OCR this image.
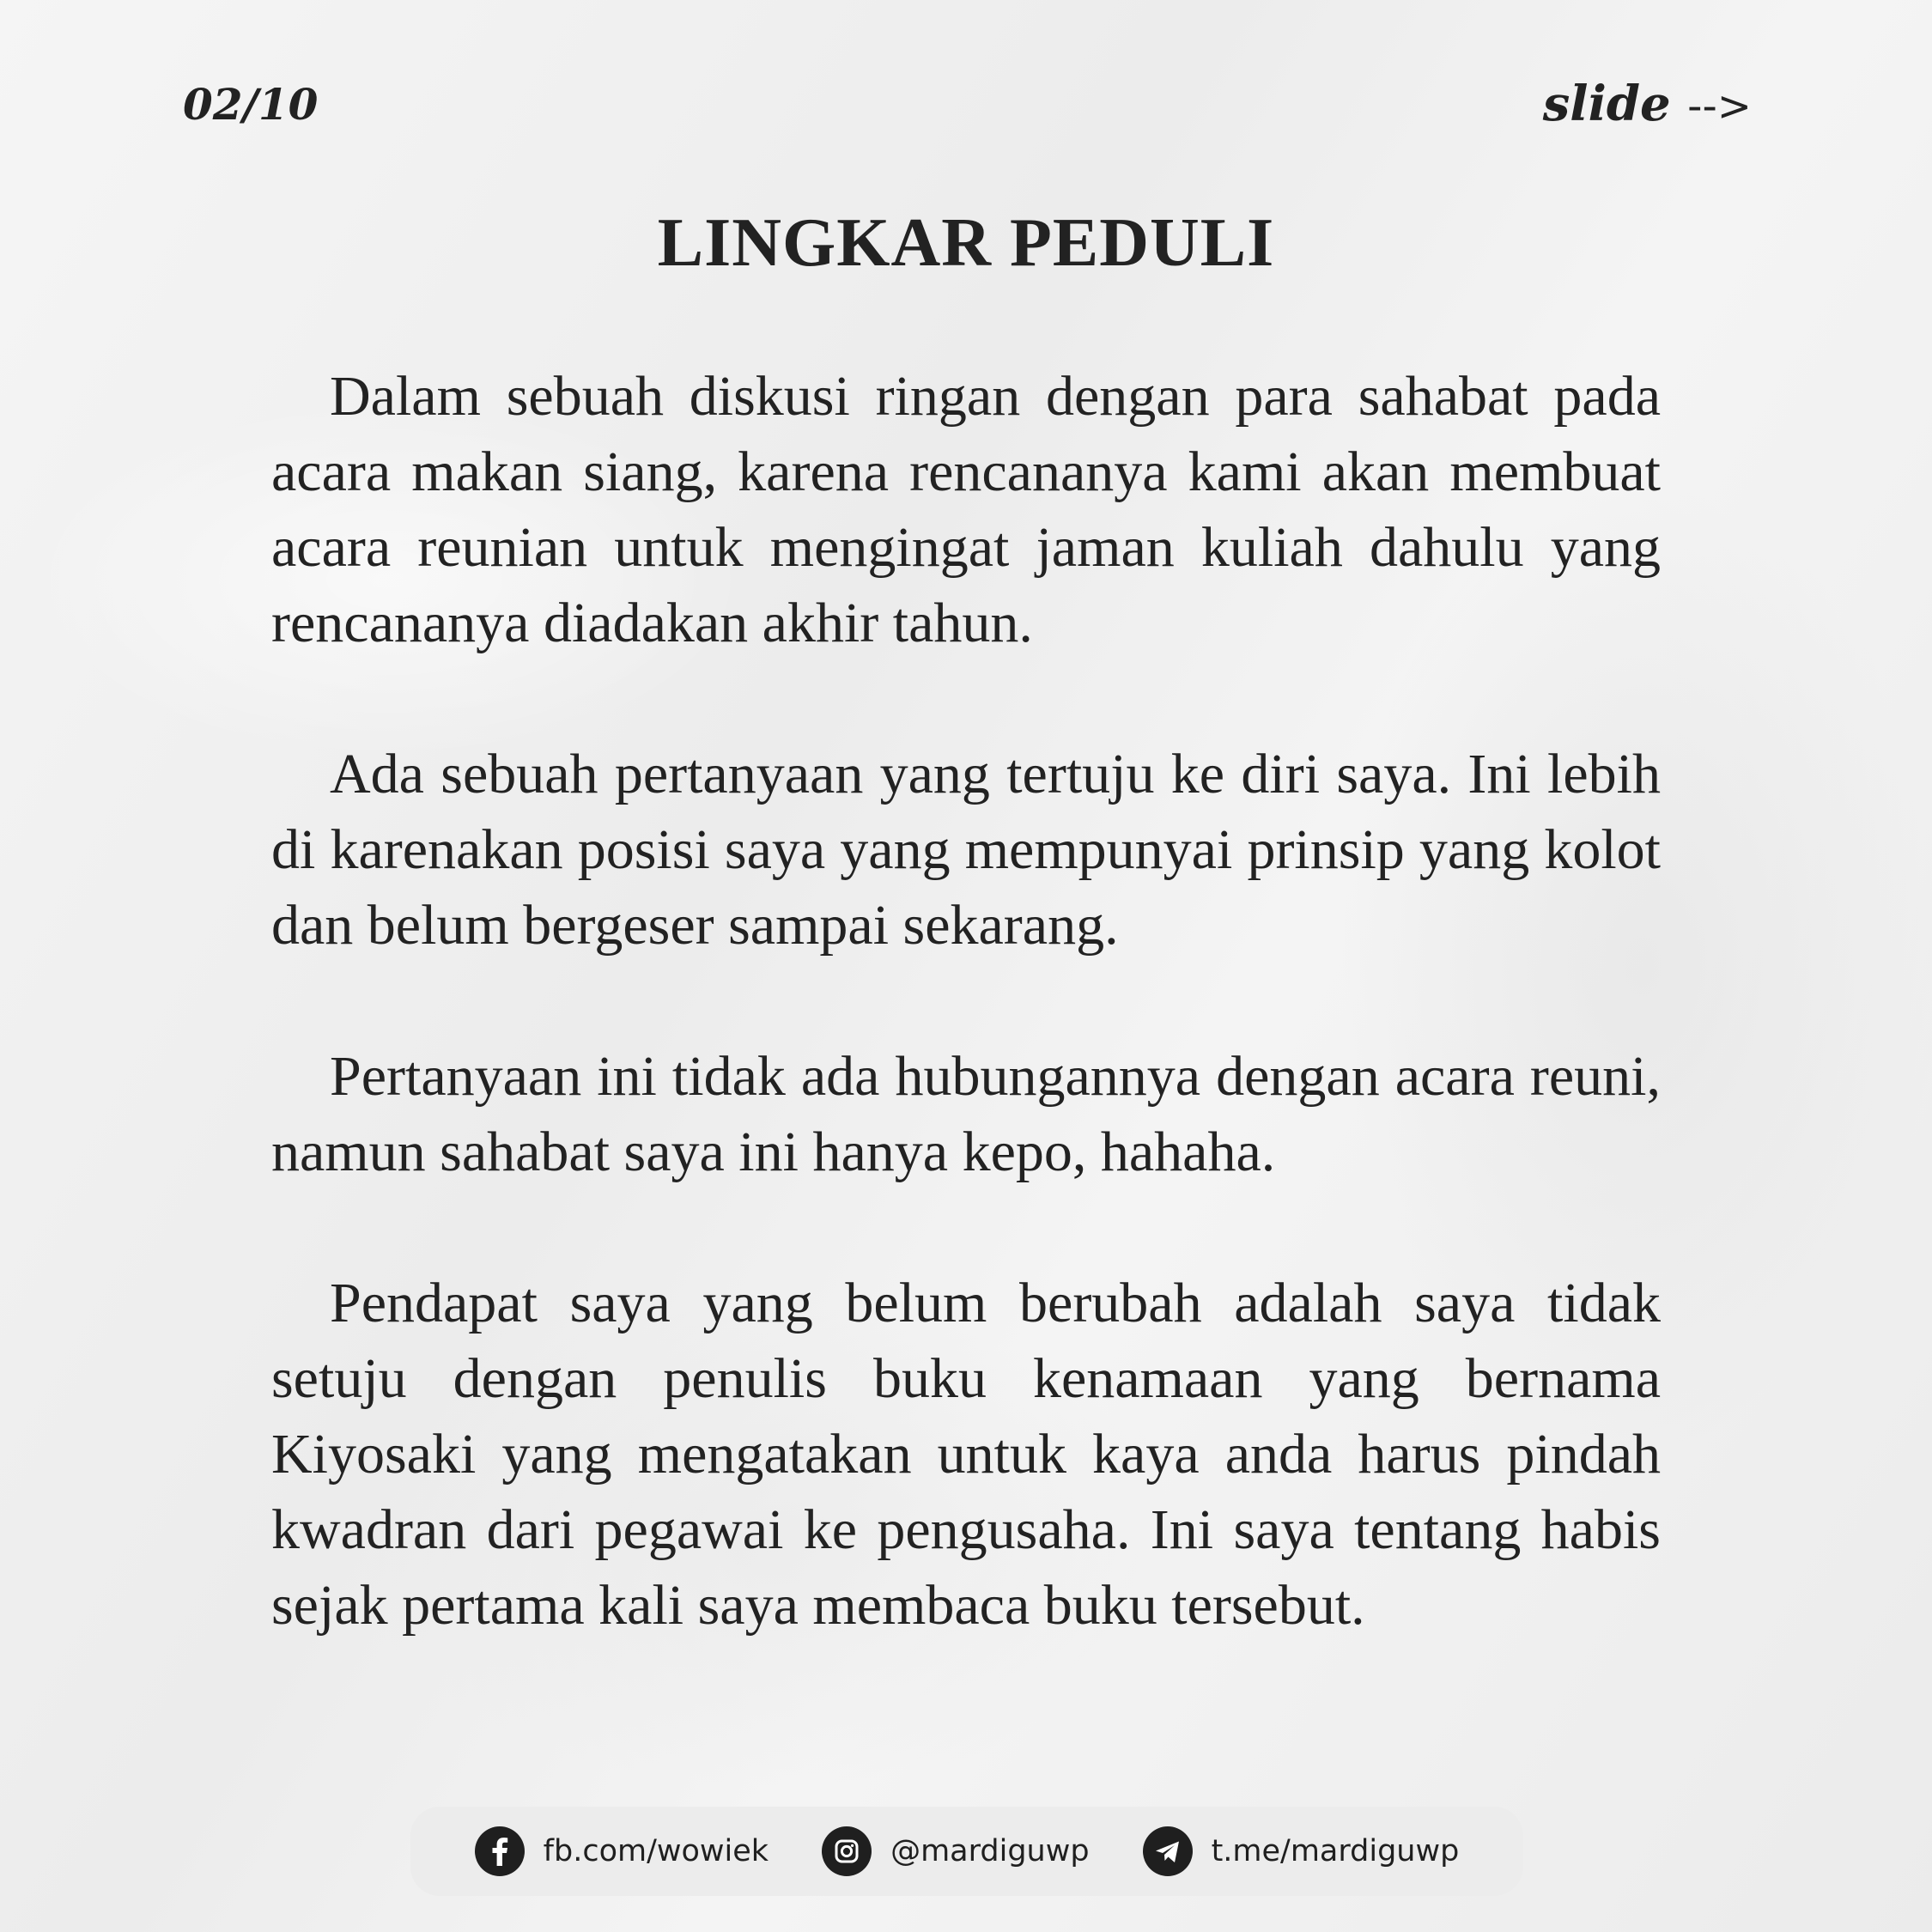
02/10	slide -->
LINGKAR PEDULI

Dalam sebuah diskusi ringan dengan para sahabat pada acara makan siang, karena rencananya kami akan membuat acara reunian untuk mengingat jaman kuliah dahulu yang rencananya diadakan akhir tahun.

Ada sebuah pertanyaan yang tertuju ke diri saya. Ini lebih di karenakan posisi saya yang mempunyai prinsip yang kolot dan belum bergeser sampai sekarang.

Pertanyaan ini tidak ada hubungannya dengan acara reuni, namun sahabat saya ini hanya kepo, hahaha.

Pendapat saya yang belum berubah adalah saya tidak setuju dengan penulis buku kenamaan yang bernama Kiyosaki yang mengatakan untuk kaya anda harus pindah kwadran dari pegawai ke pengusaha. Ini saya tentang habis sejak pertama kali saya membaca buku tersebut.

fb.com/wowiek	@mardiguwp	t.me/mardiguwp
